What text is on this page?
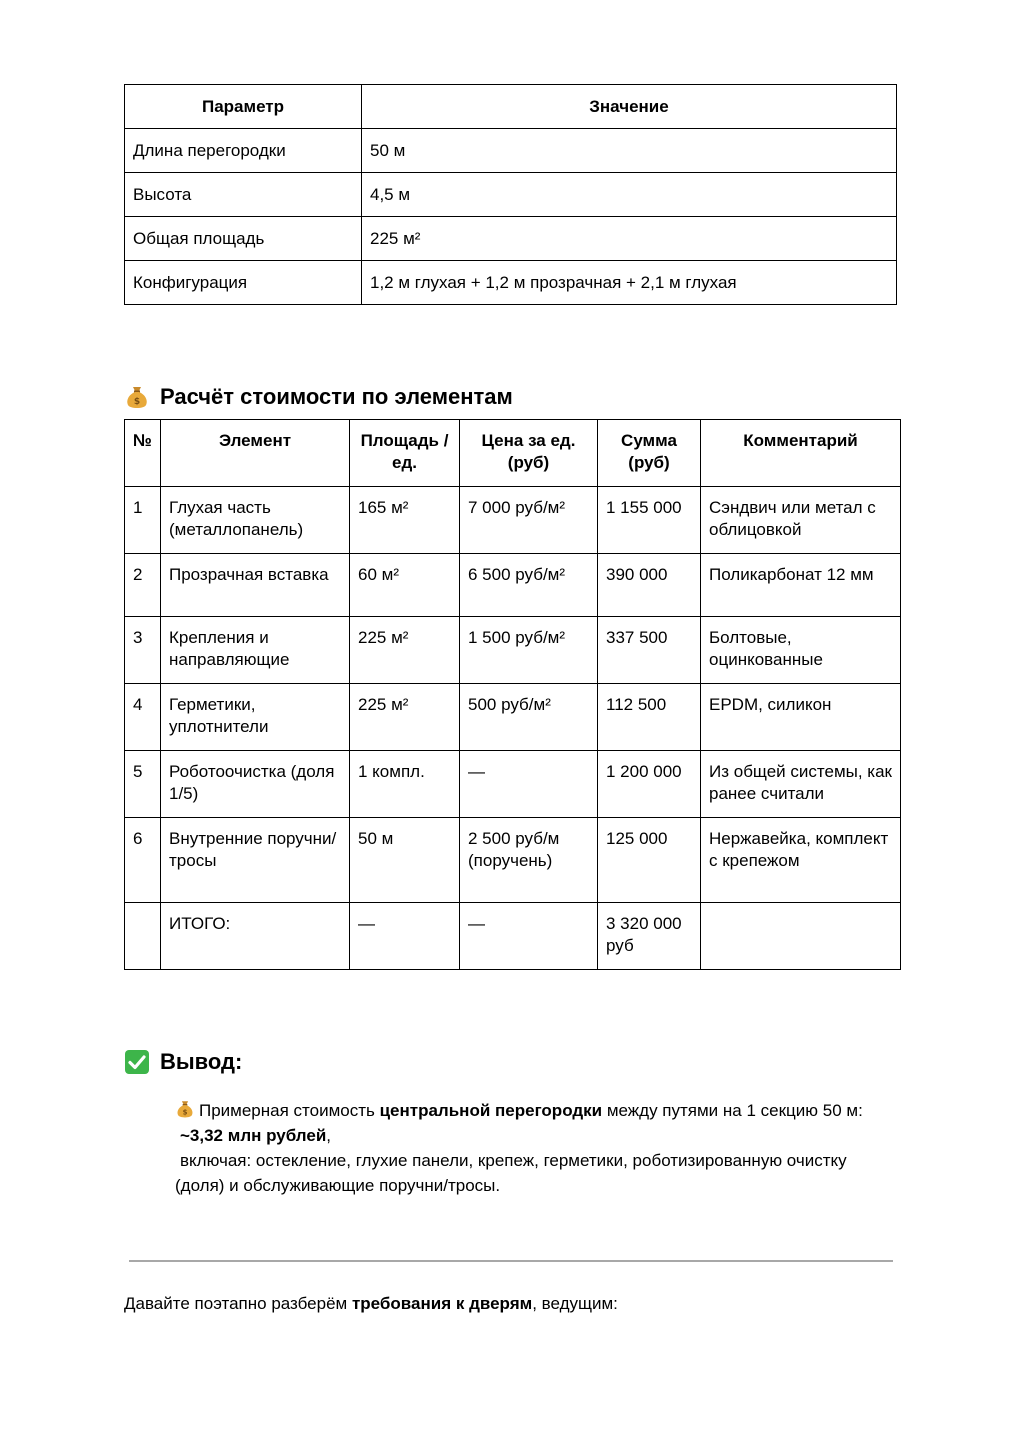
Параметр	Значение
Длина перегородки	50 м
Высота	4,5 м
Общая площадь	225 м²
Конфигурация	1,2 м глухая + 1,2 м прозрачная + 2,1 м глухая
$ Расчёт стоимости по элементам
№	Элемент	Площадь / ед.	Цена за ед. (руб)	Сумма (руб)	Комментарий
1	Глухая часть (металлопанель)	165 м²	7 000 руб/м²	1 155 000	Сэндвич или метал с облицовкой
2	Прозрачная вставка	60 м²	6 500 руб/м²	390 000	Поликарбонат 12 мм
3	Крепления и направляющие	225 м²	1 500 руб/м²	337 500	Болтовые, оцинкованные
4	Герметики, уплотнители	225 м²	500 руб/м²	112 500	EPDM, силикон
5	Роботоочистка (доля 1/5)	1 компл.	—	1 200 000	Из общей системы, как ранее считали
6	Внутренние поручни/тросы	50 м	2 500 руб/м (поручень)	125 000	Нержавейка, комплект с крепежом
	ИТОГО:	—	—	3 320 000 руб	
Вывод:

$ Примерная стоимость центральной перегородки между путями на 1 секцию 50 м:

~3,32 млн рублей,

включая: остекление, глухие панели, крепеж, герметики, роботизированную очистку (доля) и обслуживающие поручни/тросы.

Давайте поэтапно разберём требования к дверям, ведущим:
